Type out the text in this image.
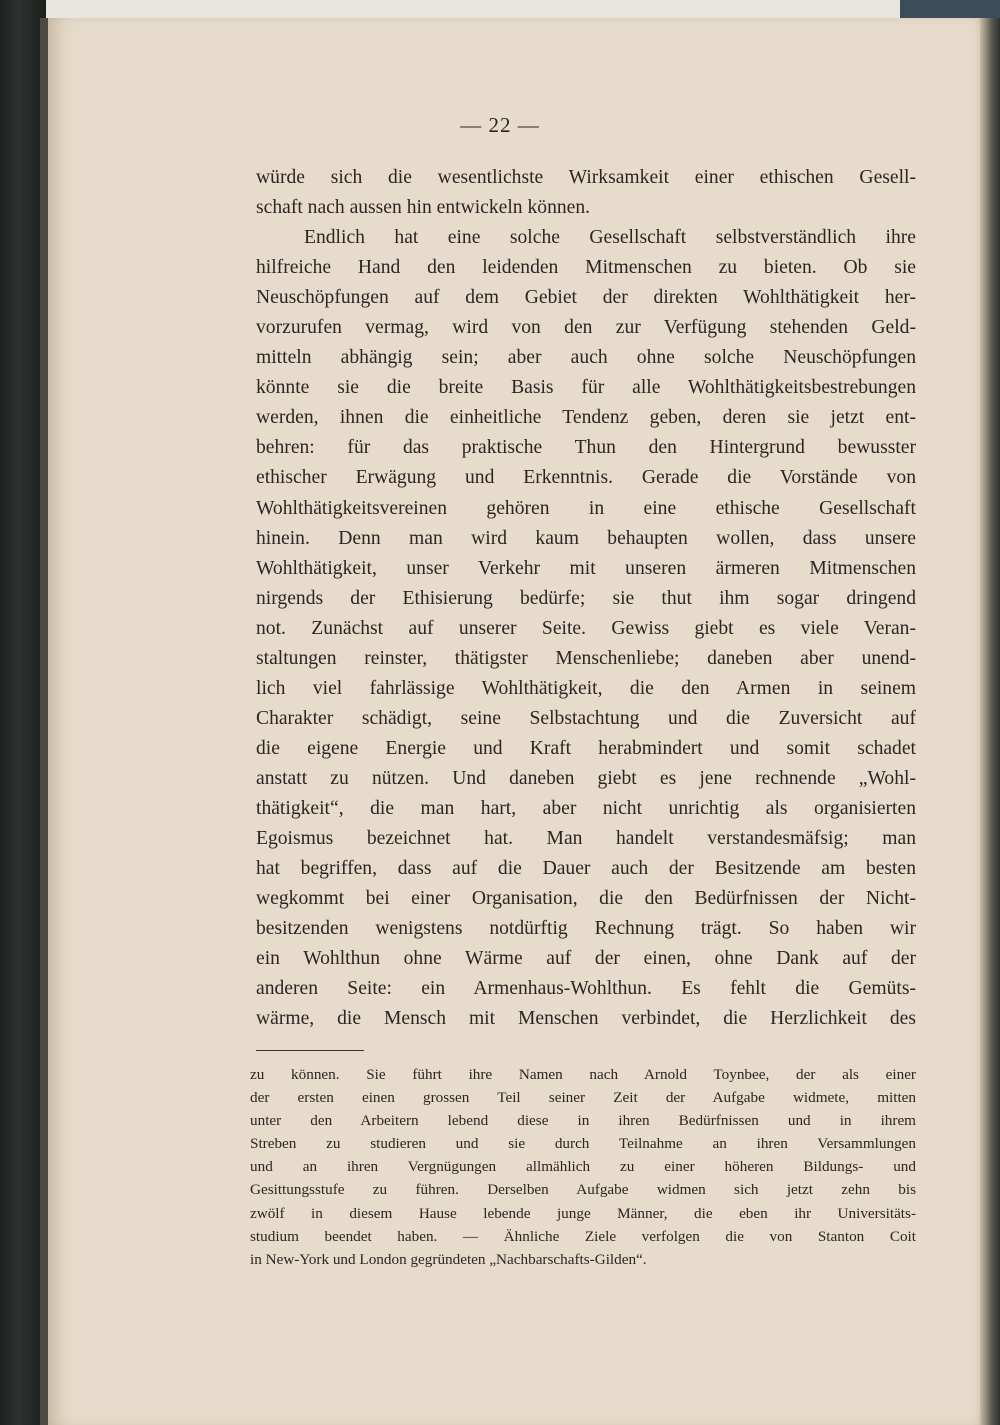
— 22 —
würde sich die wesentlichste Wirksamkeit einer ethischen Gesell-
schaft nach aussen hin entwickeln können.
Endlich hat eine solche Gesellschaft selbstverständlich ihre
hilfreiche Hand den leidenden Mitmenschen zu bieten. Ob sie
Neuschöpfungen auf dem Gebiet der direkten Wohlthätigkeit her-
vorzurufen vermag, wird von den zur Verfügung stehenden Geld-
mitteln abhängig sein; aber auch ohne solche Neuschöpfungen
könnte sie die breite Basis für alle Wohlthätigkeitsbestrebungen
werden, ihnen die einheitliche Tendenz geben, deren sie jetzt ent-
behren: für das praktische Thun den Hintergrund bewusster
ethischer Erwägung und Erkenntnis. Gerade die Vorstände von
Wohlthätigkeitsvereinen gehören in eine ethische Gesellschaft
hinein. Denn man wird kaum behaupten wollen, dass unsere
Wohlthätigkeit, unser Verkehr mit unseren ärmeren Mitmenschen
nirgends der Ethisierung bedürfe; sie thut ihm sogar dringend
not. Zunächst auf unserer Seite. Gewiss giebt es viele Veran-
staltungen reinster, thätigster Menschenliebe; daneben aber unend-
lich viel fahrlässige Wohlthätigkeit, die den Armen in seinem
Charakter schädigt, seine Selbstachtung und die Zuversicht auf
die eigene Energie und Kraft herabmindert und somit schadet
anstatt zu nützen. Und daneben giebt es jene rechnende „Wohl-
thätigkeit“, die man hart, aber nicht unrichtig als organisierten
Egoismus bezeichnet hat. Man handelt verstandesmäfsig; man
hat begriffen, dass auf die Dauer auch der Besitzende am besten
wegkommt bei einer Organisation, die den Bedürfnissen der Nicht-
besitzenden wenigstens notdürftig Rechnung trägt. So haben wir
ein Wohlthun ohne Wärme auf der einen, ohne Dank auf der
anderen Seite: ein Armenhaus-Wohlthun. Es fehlt die Gemüts-
wärme, die Mensch mit Menschen verbindet, die Herzlichkeit des
zu können. Sie führt ihre Namen nach Arnold Toynbee, der als einer
der ersten einen grossen Teil seiner Zeit der Aufgabe widmete, mitten
unter den Arbeitern lebend diese in ihren Bedürfnissen und in ihrem
Streben zu studieren und sie durch Teilnahme an ihren Versammlungen
und an ihren Vergnügungen allmählich zu einer höheren Bildungs- und
Gesittungsstufe zu führen. Derselben Aufgabe widmen sich jetzt zehn bis
zwölf in diesem Hause lebende junge Männer, die eben ihr Universitäts-
studium beendet haben. — Ähnliche Ziele verfolgen die von Stanton Coit
in New-York und London gegründeten „Nachbarschafts-Gilden“.
